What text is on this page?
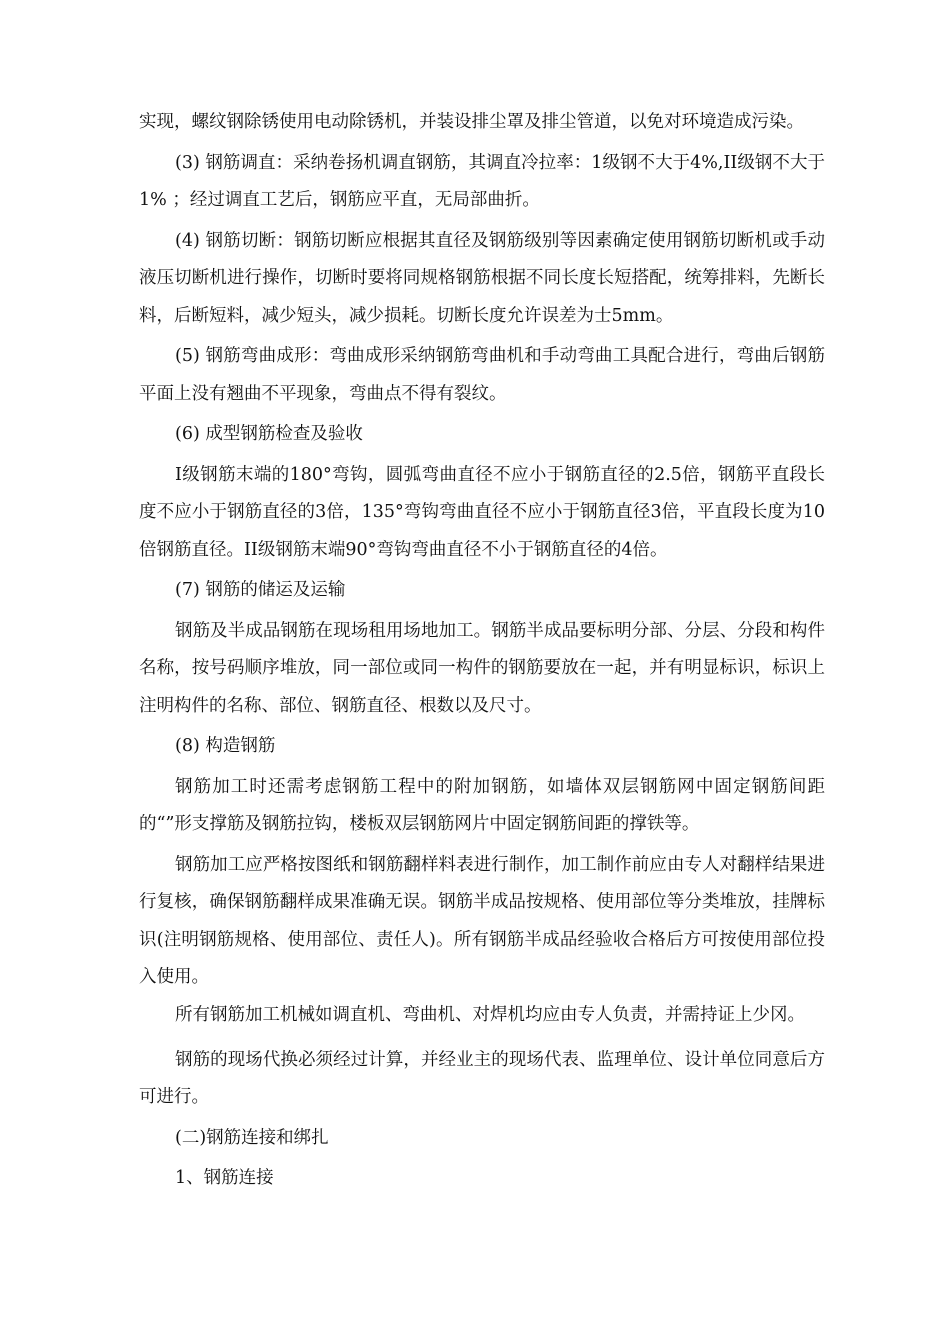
实现，螺纹钢除锈使用电动除锈机，并装设排尘罩及排尘管道，以免对环境造成污染。

(3) 钢筋调直：采纳卷扬机调直钢筋，其调直冷拉率：1级钢不大于4%,II级钢不大于1% ；经过调直工艺后，钢筋应平直，无局部曲折。

(4) 钢筋切断：钢筋切断应根据其直径及钢筋级别等因素确定使用钢筋切断机或手动液压切断机进行操作，切断时要将同规格钢筋根据不同长度长短搭配，统筹排料，先断长料，后断短料，减少短头，减少损耗。切断长度允许误差为士5mm。

(5) 钢筋弯曲成形：弯曲成形采纳钢筋弯曲机和手动弯曲工具配合进行，弯曲后钢筋平面上没有翘曲不平现象，弯曲点不得有裂纹。

(6) 成型钢筋检查及验收

I级钢筋末端的180°弯钩，圆弧弯曲直径不应小于钢筋直径的2.5倍，钢筋平直段长度不应小于钢筋直径的3倍，135°弯钩弯曲直径不应小于钢筋直径3倍，平直段长度为10倍钢筋直径。II级钢筋末端90°弯钩弯曲直径不小于钢筋直径的4倍。

(7) 钢筋的储运及运输

钢筋及半成品钢筋在现场租用场地加工。钢筋半成品要标明分部、分层、分段和构件名称，按号码顺序堆放，同一部位或同一构件的钢筋要放在一起，并有明显标识，标识上注明构件的名称、部位、钢筋直径、根数以及尺寸。

(8) 构造钢筋

钢筋加工时还需考虑钢筋工程中的附加钢筋，如墙体双层钢筋网中固定钢筋间距的“”形支撑筋及钢筋拉钩，楼板双层钢筋网片中固定钢筋间距的撑铁等。

钢筋加工应严格按图纸和钢筋翻样料表进行制作，加工制作前应由专人对翻样结果进行复核，确保钢筋翻样成果准确无误。钢筋半成品按规格、使用部位等分类堆放，挂牌标识(注明钢筋规格、使用部位、责任人)。所有钢筋半成品经验收合格后方可按使用部位投入使用。

所有钢筋加工机械如调直机、弯曲机、对焊机均应由专人负责，并需持证上少冈。

钢筋的现场代换必须经过计算，并经业主的现场代表、监理单位、设计单位同意后方可进行。

(二)钢筋连接和绑扎

1、钢筋连接
